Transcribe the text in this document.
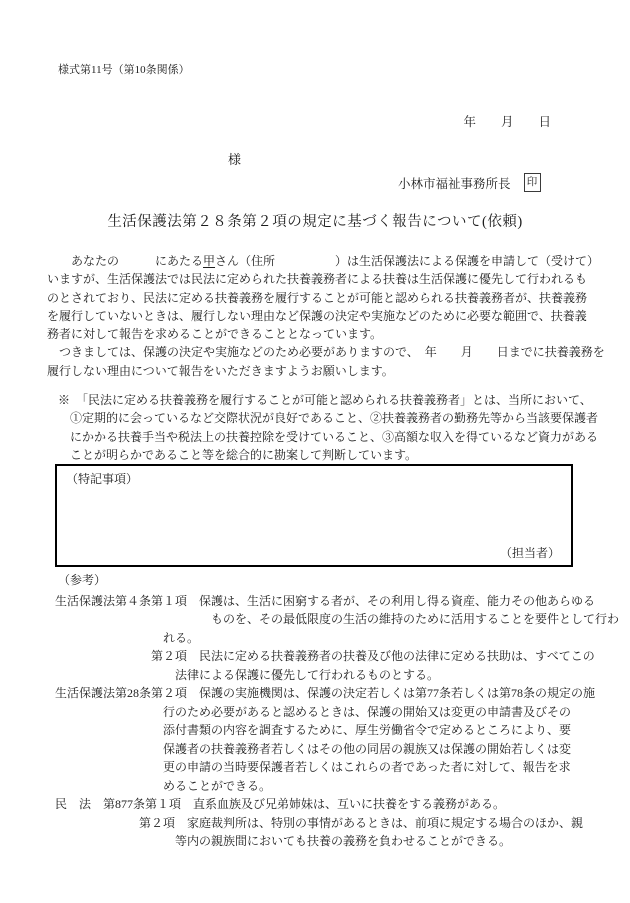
様式第11号（第10条関係）
年　　月　　日
様
小林市福祉事務所長	印
生活保護法第２８条第２項の規定に基づく報告について(依頼)
　　あなたの　　　にあたる甲さん（住所　　　　　）は生活保護法による保護を申請して（受けて）
いますが、生活保護法では民法に定められた扶養義務者による扶養は生活保護に優先して行われるも
のとされており、民法に定める扶養義務を履行することが可能と認められる扶養義務者が、扶養義務
を履行していないときは、履行しない理由など保護の決定や実施などのために必要な範囲で、扶養義
務者に対して報告を求めることができることとなっています。
　つきましては、保護の決定や実施などのため必要がありますので、　年　　月　　日までに扶養義務を
履行しない理由について報告をいただきますようお願いします。
※　「民法に定める扶養義務を履行することが可能と認められる扶養義務者」とは、当所において、
　①定期的に会っているなど交際状況が良好であること、②扶養義務者の勤務先等から当該要保護者
　にかかる扶養手当や税法上の扶養控除を受けていること、③高額な収入を得ているなど資力がある
　ことが明らかであること等を総合的に勘案して判断しています。
（特記事項）
（担当者）
（参考）
生活保護法第４条第１項　保護は、生活に困窮する者が、その利用し得る資産、能力その他あらゆる
　　　　　　　　　　　　　ものを、その最低限度の生活の維持のために活用することを要件として行わ
　　　　　　　　　れる。
　　　　　　　　第２項　民法に定める扶養義務者の扶養及び他の法律に定める扶助は、すべてこの
　　　　　　　　　　法律による保護に優先して行われるものとする。
生活保護法第28条第２項　保護の実施機関は、保護の決定若しくは第77条若しくは第78条の規定の施
　　　　　　　　　行のため必要があると認めるときは、保護の開始又は変更の申請書及びその
　　　　　　　　　添付書類の内容を調査するために、厚生労働省令で定めるところにより、要
　　　　　　　　　保護者の扶養義務者若しくはその他の同居の親族又は保護の開始若しくは変
　　　　　　　　　更の申請の当時要保護者若しくはこれらの者であった者に対して、報告を求
　　　　　　　　　めることができる。
民　法　第877条第１項　直系血族及び兄弟姉妹は、互いに扶養をする義務がある。
　　　　　　　第２項　家庭裁判所は、特別の事情があるときは、前項に規定する場合のほか、親
　　　　　　　　　　等内の親族間においても扶養の義務を負わせることができる。
